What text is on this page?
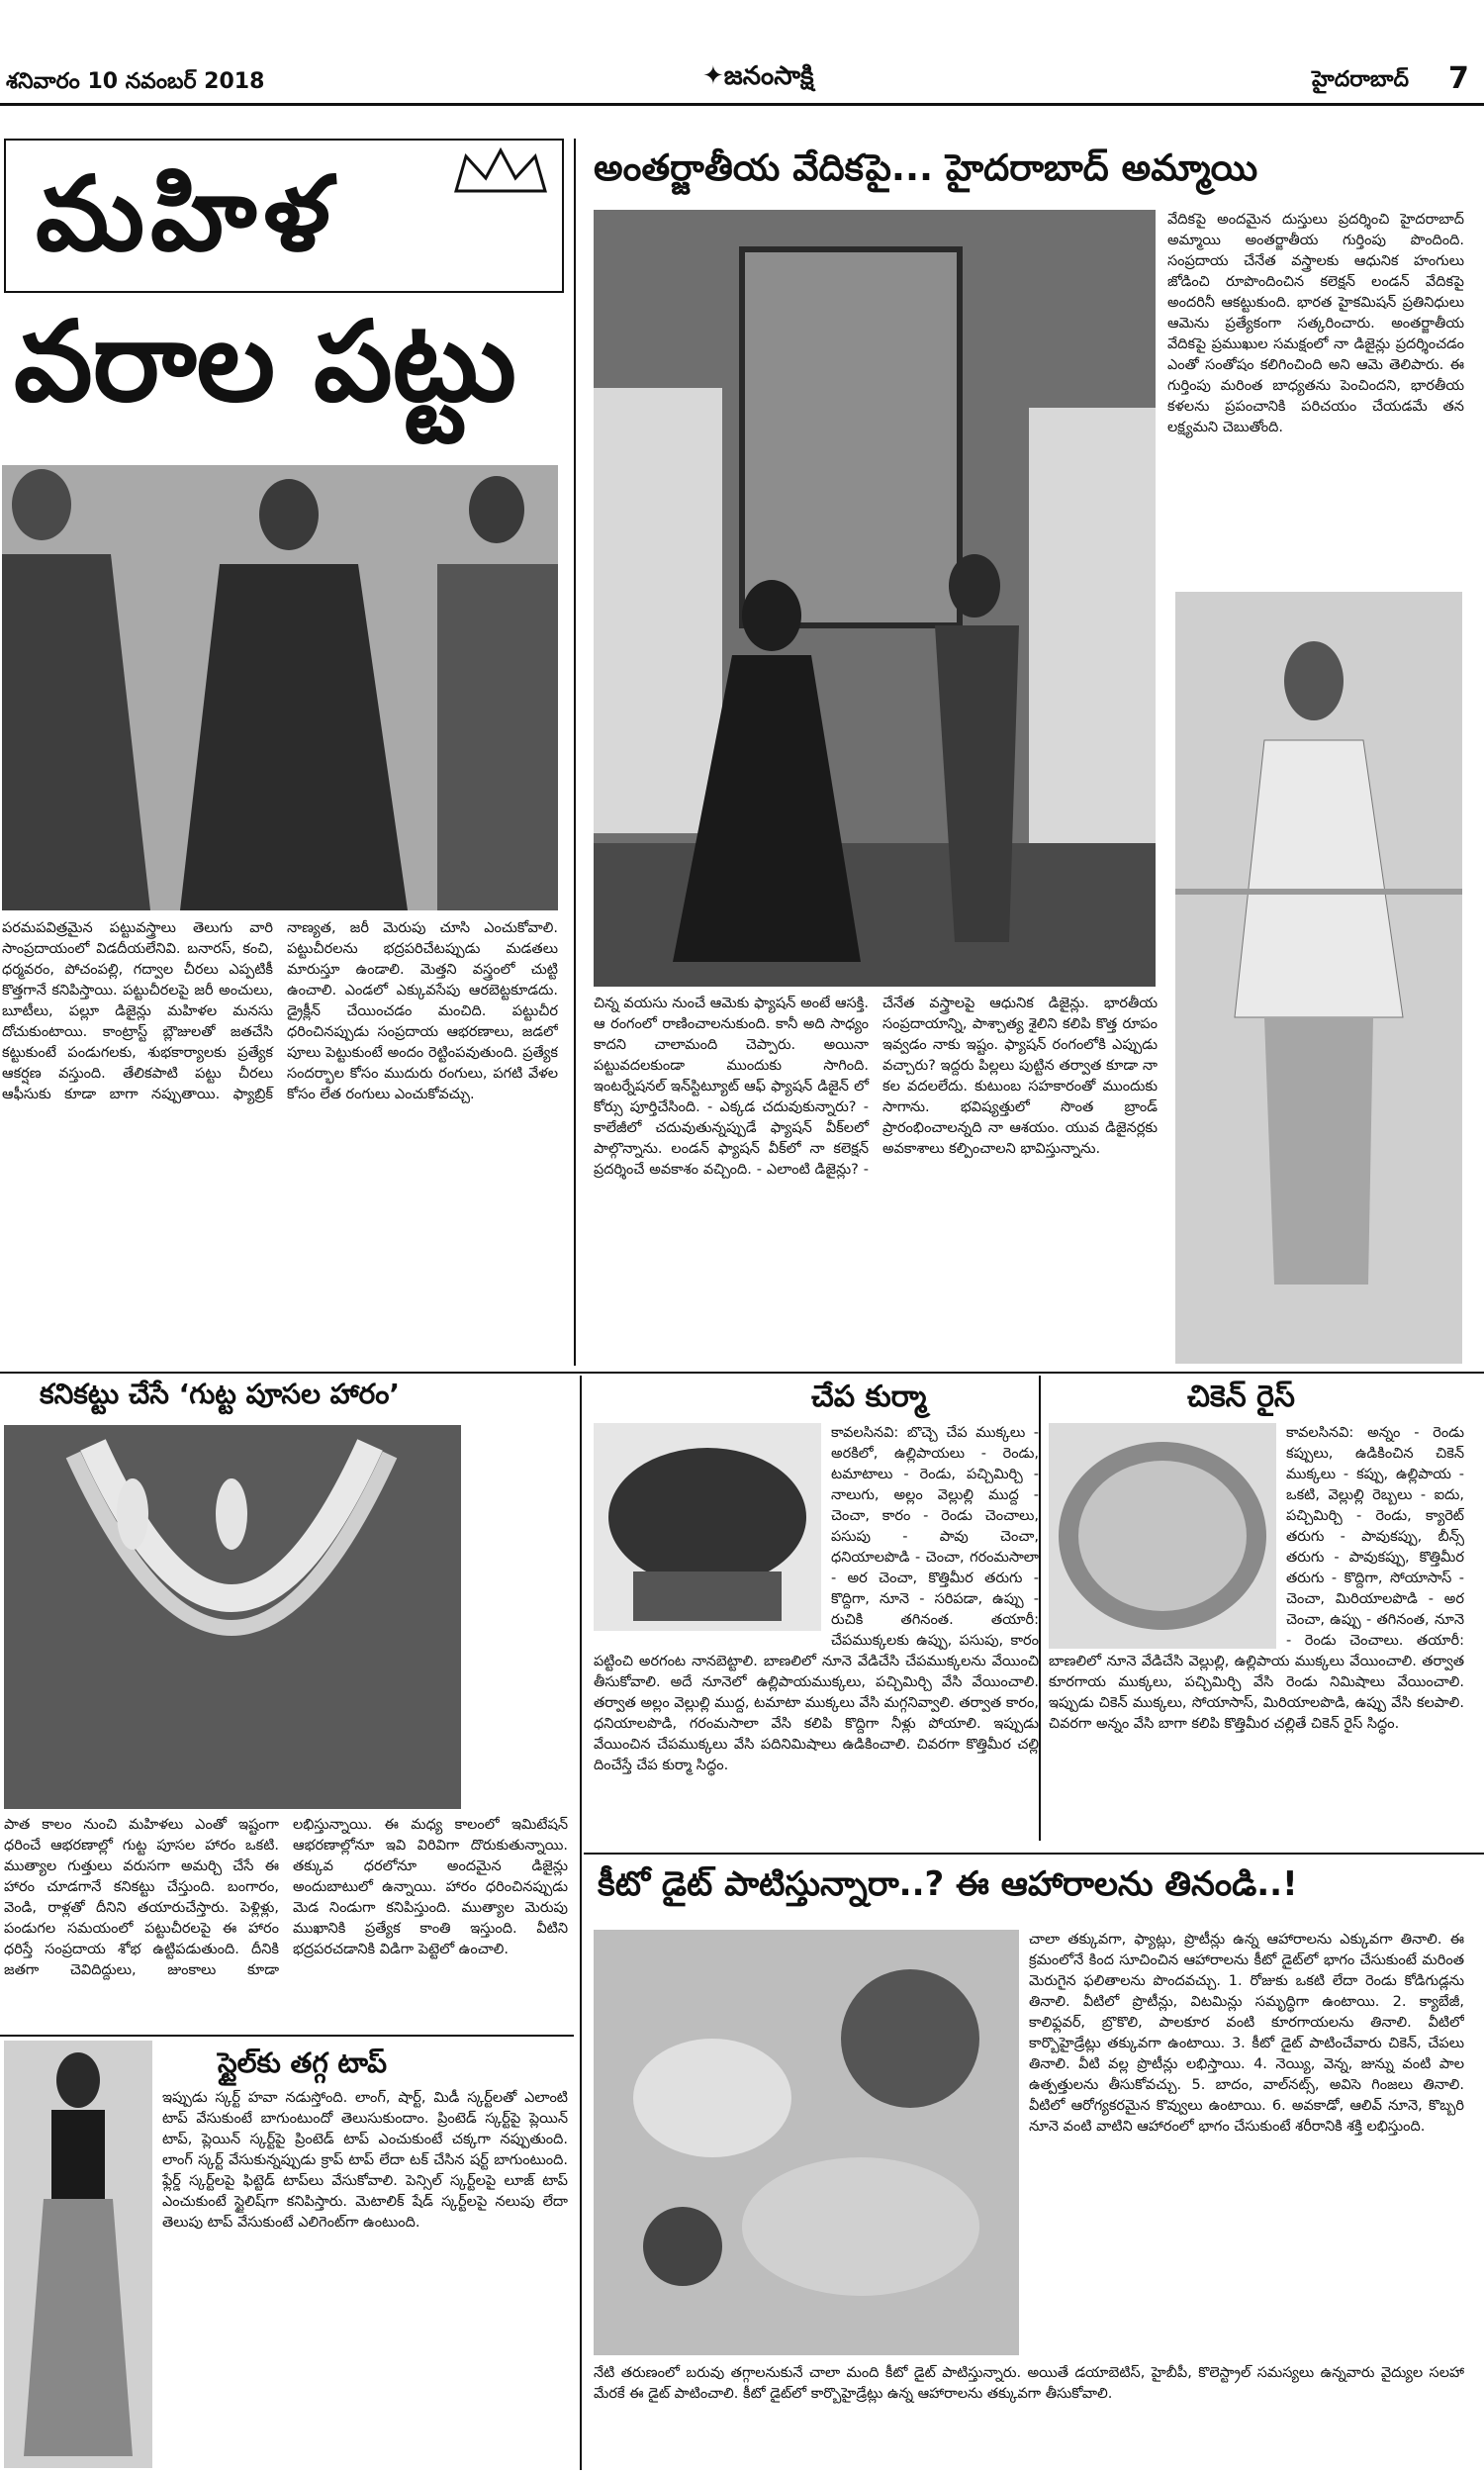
శనివారం 10 నవంబర్ 2018	✦జనంసాక్షి	హైదరాబాద్ 7
మహిళ
వరాల పట్టు

పరమపవిత్రమైన పట్టువస్త్రాలు తెలుగు వారి సాంప్రదాయంలో విడదీయలేనివి. బనారస్, కంచి, ధర్మవరం, పోచంపల్లి, గద్వాల చీరలు ఎప్పటికీ కొత్తగానే కనిపిస్తాయి. పట్టుచీరలపై జరీ అంచులు, బూటీలు, పల్లూ డిజైన్లు మహిళల మనసు దోచుకుంటాయి. కాంట్రాస్ట్ బ్లౌజులతో జతచేసి కట్టుకుంటే పండుగలకు, శుభకార్యాలకు ప్రత్యేక ఆకర్షణ వస్తుంది. తేలికపాటి పట్టు చీరలు ఆఫీసుకు కూడా బాగా నప్పుతాయి. ఫ్యాబ్రిక్ నాణ్యత, జరీ మెరుపు చూసి ఎంచుకోవాలి. పట్టుచీరలను భద్రపరిచేటప్పుడు మడతలు మారుస్తూ ఉండాలి. మెత్తని వస్త్రంలో చుట్టి ఉంచాలి. ఎండలో ఎక్కువసేపు ఆరబెట్టకూడదు. డ్రైక్లీన్ చేయించడం మంచిది. పట్టుచీర ధరించినప్పుడు సంప్రదాయ ఆభరణాలు, జడలో పూలు పెట్టుకుంటే అందం రెట్టింపవుతుంది. ప్రత్యేక సందర్భాల కోసం ముదురు రంగులు, పగటి వేళల కోసం లేత రంగులు ఎంచుకోవచ్చు.

అంతర్జాతీయ వేదికపై... హైదరాబాద్ అమ్మాయి

వేదికపై అందమైన దుస్తులు ప్రదర్శించి హైదరాబాద్ అమ్మాయి అంతర్జాతీయ గుర్తింపు పొందింది. సంప్రదాయ చేనేత వస్త్రాలకు ఆధునిక హంగులు జోడించి రూపొందించిన కలెక్షన్ లండన్ వేదికపై అందరినీ ఆకట్టుకుంది. భారత హైకమిషన్ ప్రతినిధులు ఆమెను ప్రత్యేకంగా సత్కరించారు. అంతర్జాతీయ వేదికపై ప్రముఖుల సమక్షంలో నా డిజైన్లు ప్రదర్శించడం ఎంతో సంతోషం కలిగించింది అని ఆమె తెలిపారు. ఈ గుర్తింపు మరింత బాధ్యతను పెంచిందని, భారతీయ కళలను ప్రపంచానికి పరిచయం చేయడమే తన లక్ష్యమని చెబుతోంది.

చిన్న వయసు నుంచే ఆమెకు ఫ్యాషన్ అంటే ఆసక్తి. ఆ రంగంలో రాణించాలనుకుంది. కానీ అది సాధ్యం కాదని చాలామంది చెప్పారు. అయినా పట్టువదలకుండా ముందుకు సాగింది. ఇంటర్నేషనల్ ఇన్‌స్టిట్యూట్ ఆఫ్ ఫ్యాషన్ డిజైన్ లో కోర్సు పూర్తిచేసింది. - ఎక్కడ చదువుకున్నారు? - కాలేజీలో చదువుతున్నప్పుడే ఫ్యాషన్ వీక్‌లలో పాల్గొన్నాను. లండన్ ఫ్యాషన్ వీక్‌లో నా కలెక్షన్ ప్రదర్శించే అవకాశం వచ్చింది. - ఎలాంటి డిజైన్లు? - చేనేత వస్త్రాలపై ఆధునిక డిజైన్లు. భారతీయ సంప్రదాయాన్ని, పాశ్చాత్య శైలిని కలిపి కొత్త రూపం ఇవ్వడం నాకు ఇష్టం. ఫ్యాషన్ రంగంలోకి ఎప్పుడు వచ్చారు? ఇద్దరు పిల్లలు పుట్టిన తర్వాత కూడా నా కల వదలలేదు. కుటుంబ సహకారంతో ముందుకు సాగాను. భవిష్యత్తులో సొంత బ్రాండ్ ప్రారంభించాలన్నది నా ఆశయం. యువ డిజైనర్లకు అవకాశాలు కల్పించాలని భావిస్తున్నాను.

కనికట్టు చేసే ‘గుట్ట పూసల హారం’

పాత కాలం నుంచి మహిళలు ఎంతో ఇష్టంగా ధరించే ఆభరణాల్లో గుట్ట పూసల హారం ఒకటి. ముత్యాల గుత్తులు వరుసగా అమర్చి చేసే ఈ హారం చూడగానే కనికట్టు చేస్తుంది. బంగారం, వెండి, రాళ్లతో దీనిని తయారుచేస్తారు. పెళ్లిళ్లు, పండుగల సమయంలో పట్టుచీరలపై ఈ హారం ధరిస్తే సంప్రదాయ శోభ ఉట్టిపడుతుంది. దీనికి జతగా చెవిదిద్దులు, జుంకాలు కూడా లభిస్తున్నాయి. ఈ మధ్య కాలంలో ఇమిటేషన్ ఆభరణాల్లోనూ ఇవి విరివిగా దొరుకుతున్నాయి. తక్కువ ధరలోనూ అందమైన డిజైన్లు అందుబాటులో ఉన్నాయి. హారం ధరించినప్పుడు మెడ నిండుగా కనిపిస్తుంది. ముత్యాల మెరుపు ముఖానికి ప్రత్యేక కాంతి ఇస్తుంది. వీటిని భద్రపరచడానికి విడిగా పెట్టెలో ఉంచాలి.

స్టైల్‌కు తగ్గ టాప్

ఇప్పుడు స్కర్ట్ హవా నడుస్తోంది. లాంగ్, షార్ట్, మిడీ స్కర్ట్‌లతో ఎలాంటి టాప్ వేసుకుంటే బాగుంటుందో తెలుసుకుందాం. ప్రింటెడ్ స్కర్ట్‌పై ప్లెయిన్ టాప్, ప్లెయిన్ స్కర్ట్‌పై ప్రింటెడ్ టాప్ ఎంచుకుంటే చక్కగా నప్పుతుంది. లాంగ్ స్కర్ట్ వేసుకున్నప్పుడు క్రాప్ టాప్ లేదా టక్ చేసిన షర్ట్ బాగుంటుంది. ఫ్లేర్డ్ స్కర్ట్‌లపై ఫిట్టెడ్ టాప్‌లు వేసుకోవాలి. పెన్సిల్ స్కర్ట్‌లపై లూజ్ టాప్ ఎంచుకుంటే స్టైలిష్‌గా కనిపిస్తారు. మెటాలిక్ షేడ్ స్కర్ట్‌లపై నలుపు లేదా తెలుపు టాప్ వేసుకుంటే ఎలిగెంట్‌గా ఉంటుంది.

చేప కుర్మా

కావలసినవి: బొచ్చె చేప ముక్కలు - అరకిలో, ఉల్లిపాయలు - రెండు, టమాటాలు - రెండు, పచ్చిమిర్చి - నాలుగు, అల్లం వెల్లుల్లి ముద్ద - చెంచా, కారం - రెండు చెంచాలు, పసుపు - పావు చెంచా, ధనియాలపొడి - చెంచా, గరంమసాలా - అర చెంచా, కొత్తిమీర తరుగు - కొద్దిగా, నూనె - సరిపడా, ఉప్పు - రుచికి తగినంత. తయారీ: చేపముక్కలకు ఉప్పు, పసుపు, కారం పట్టించి అరగంట నానబెట్టాలి. బాణలిలో నూనె వేడిచేసి చేపముక్కలను వేయించి తీసుకోవాలి. అదే నూనెలో ఉల్లిపాయముక్కలు, పచ్చిమిర్చి వేసి వేయించాలి. తర్వాత అల్లం వెల్లుల్లి ముద్ద, టమాటా ముక్కలు వేసి మగ్గనివ్వాలి. తర్వాత కారం, ధనియాలపొడి, గరంమసాలా వేసి కలిపి కొద్దిగా నీళ్లు పోయాలి. ఇప్పుడు వేయించిన చేపముక్కలు వేసి పదినిమిషాలు ఉడికించాలి. చివరగా కొత్తిమీర చల్లి దించేస్తే చేప కుర్మా సిద్ధం.

చికెన్ రైస్

కావలసినవి: అన్నం - రెండు కప్పులు, ఉడికించిన చికెన్ ముక్కలు - కప్పు, ఉల్లిపాయ - ఒకటి, వెల్లుల్లి రెబ్బలు - ఐదు, పచ్చిమిర్చి - రెండు, క్యారెట్ తరుగు - పావుకప్పు, బీన్స్ తరుగు - పావుకప్పు, కొత్తిమీర తరుగు - కొద్దిగా, సోయాసాస్ - చెంచా, మిరియాలపొడి - అర చెంచా, ఉప్పు - తగినంత, నూనె - రెండు చెంచాలు. తయారీ: బాణలిలో నూనె వేడిచేసి వెల్లుల్లి, ఉల్లిపాయ ముక్కలు వేయించాలి. తర్వాత కూరగాయ ముక్కలు, పచ్చిమిర్చి వేసి రెండు నిమిషాలు వేయించాలి. ఇప్పుడు చికెన్ ముక్కలు, సోయాసాస్, మిరియాలపొడి, ఉప్పు వేసి కలపాలి. చివరగా అన్నం వేసి బాగా కలిపి కొత్తిమీర చల్లితే చికెన్ రైస్ సిద్ధం.

కీటో డైట్ పాటిస్తున్నారా..? ఈ ఆహారాలను తినండి..!

చాలా తక్కువగా, ఫ్యాట్లు, ప్రొటీన్లు ఉన్న ఆహారాలను ఎక్కువగా తినాలి. ఈ క్రమంలోనే కింద సూచించిన ఆహారాలను కీటో డైట్‌లో భాగం చేసుకుంటే మరింత మెరుగైన ఫలితాలను పొందవచ్చు. 1. రోజుకు ఒకటి లేదా రెండు కోడిగుడ్లను తినాలి. వీటిలో ప్రొటీన్లు, విటమిన్లు సమృద్ధిగా ఉంటాయి. 2. క్యాబేజీ, కాలిఫ్లవర్, బ్రొకొలి, పాలకూర వంటి కూరగాయలను తినాలి. వీటిలో కార్బొహైడ్రేట్లు తక్కువగా ఉంటాయి. 3. కీటో డైట్ పాటించేవారు చికెన్, చేపలు తినాలి. వీటి వల్ల ప్రొటీన్లు లభిస్తాయి. 4. నెయ్యి, వెన్న, జున్ను వంటి పాల ఉత్పత్తులను తీసుకోవచ్చు. 5. బాదం, వాల్‌నట్స్, అవిసె గింజలు తినాలి. వీటిలో ఆరోగ్యకరమైన కొవ్వులు ఉంటాయి. 6. అవకాడో, ఆలివ్ నూనె, కొబ్బరి నూనె వంటి వాటిని ఆహారంలో భాగం చేసుకుంటే శరీరానికి శక్తి లభిస్తుంది.

నేటి తరుణంలో బరువు తగ్గాలనుకునే చాలా మంది కీటో డైట్ పాటిస్తున్నారు. అయితే డయాబెటిస్, హైబీపీ, కొలెస్ట్రాల్ సమస్యలు ఉన్నవారు వైద్యుల సలహా మేరకే ఈ డైట్ పాటించాలి. కీటో డైట్‌లో కార్బొహైడ్రేట్లు ఉన్న ఆహారాలను తక్కువగా తీసుకోవాలి.
